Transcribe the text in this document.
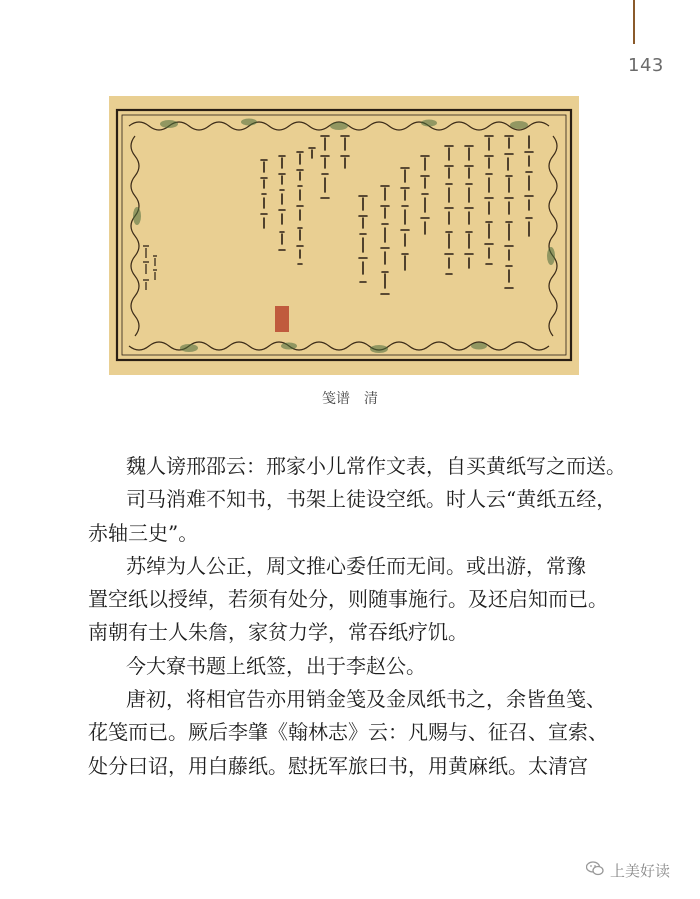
143
笺谱　清
魏人谤邢邵云：邢家小儿常作文表，自买黄纸写之而送。
司马消难不知书，书架上徒设空纸。时人云“黄纸五经，
赤轴三史”。
苏绰为人公正，周文推心委任而无间。或出游，常豫
置空纸以授绰，若须有处分，则随事施行。及还启知而已。
南朝有士人朱詹，家贫力学，常吞纸疗饥。
今大寮书题上纸签，出于李赵公。
唐初，将相官告亦用销金笺及金凤纸书之，余皆鱼笺、
花笺而已。厥后李肇《翰林志》云：凡赐与、征召、宣索、
处分曰诏，用白藤纸。慰抚军旅曰书，用黄麻纸。太清宫
上美好读
